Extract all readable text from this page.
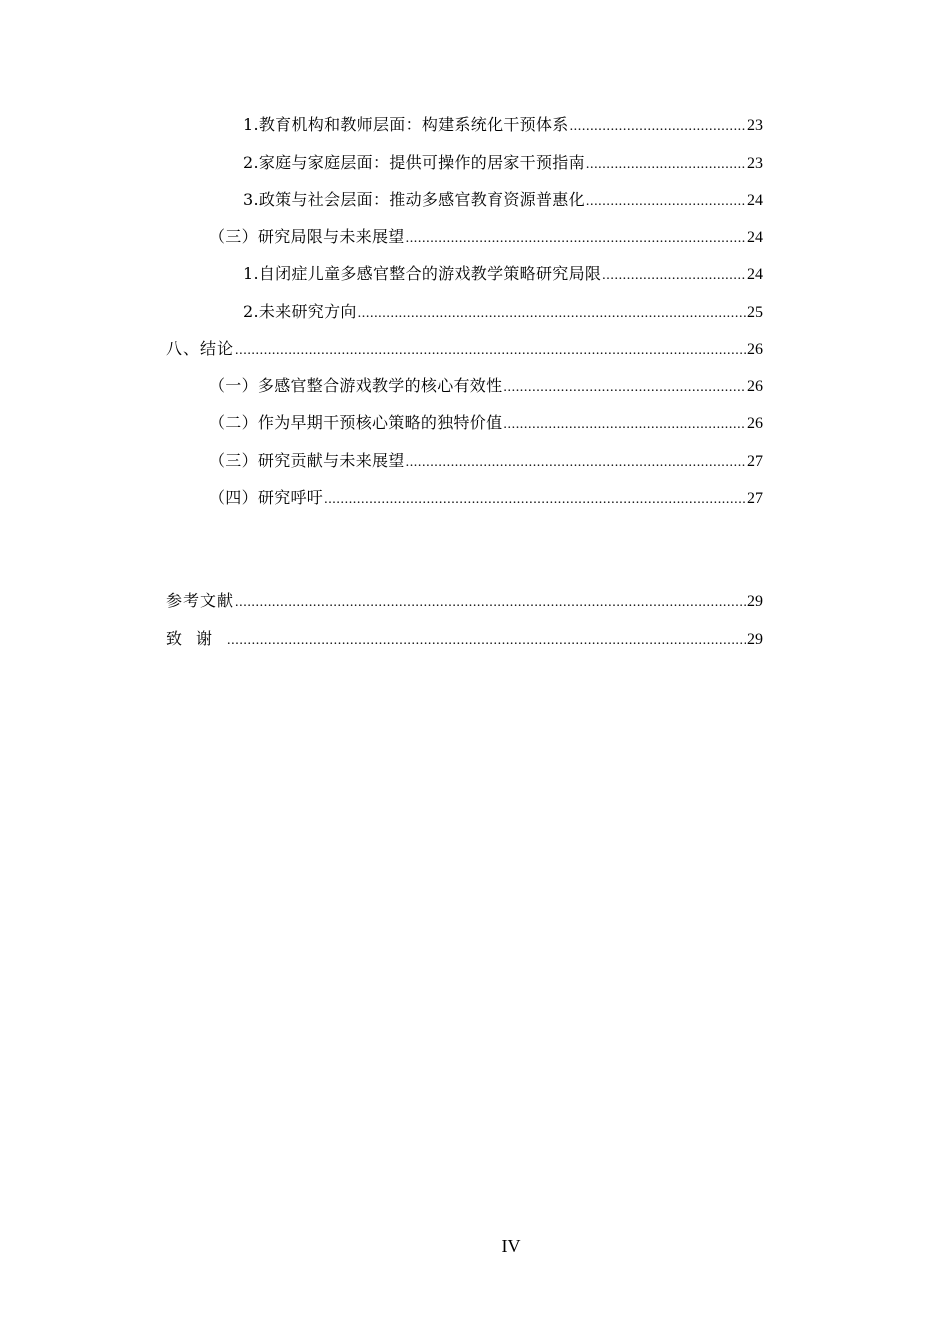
1.教育机构和教师层面：构建系统化干预体系 .....	23
2.家庭与家庭层面：提供可操作的居家干预指南 .....	23
3.政策与社会层面：推动多感官教育资源普惠化 .....	24
（三）研究局限与未来展望 .....	24
1.自闭症儿童多感官整合的游戏教学策略研究局限 .....	24
2.未来研究方向 .....	25
八、结论 .....	26
（一）多感官整合游戏教学的核心有效性 .....	26
（二）作为早期干预核心策略的独特价值 .....	26
（三）研究贡献与未来展望 .....	27
（四）研究呼吁 .....	27
参考文献 .....	29
致谢 .....	29
IV
